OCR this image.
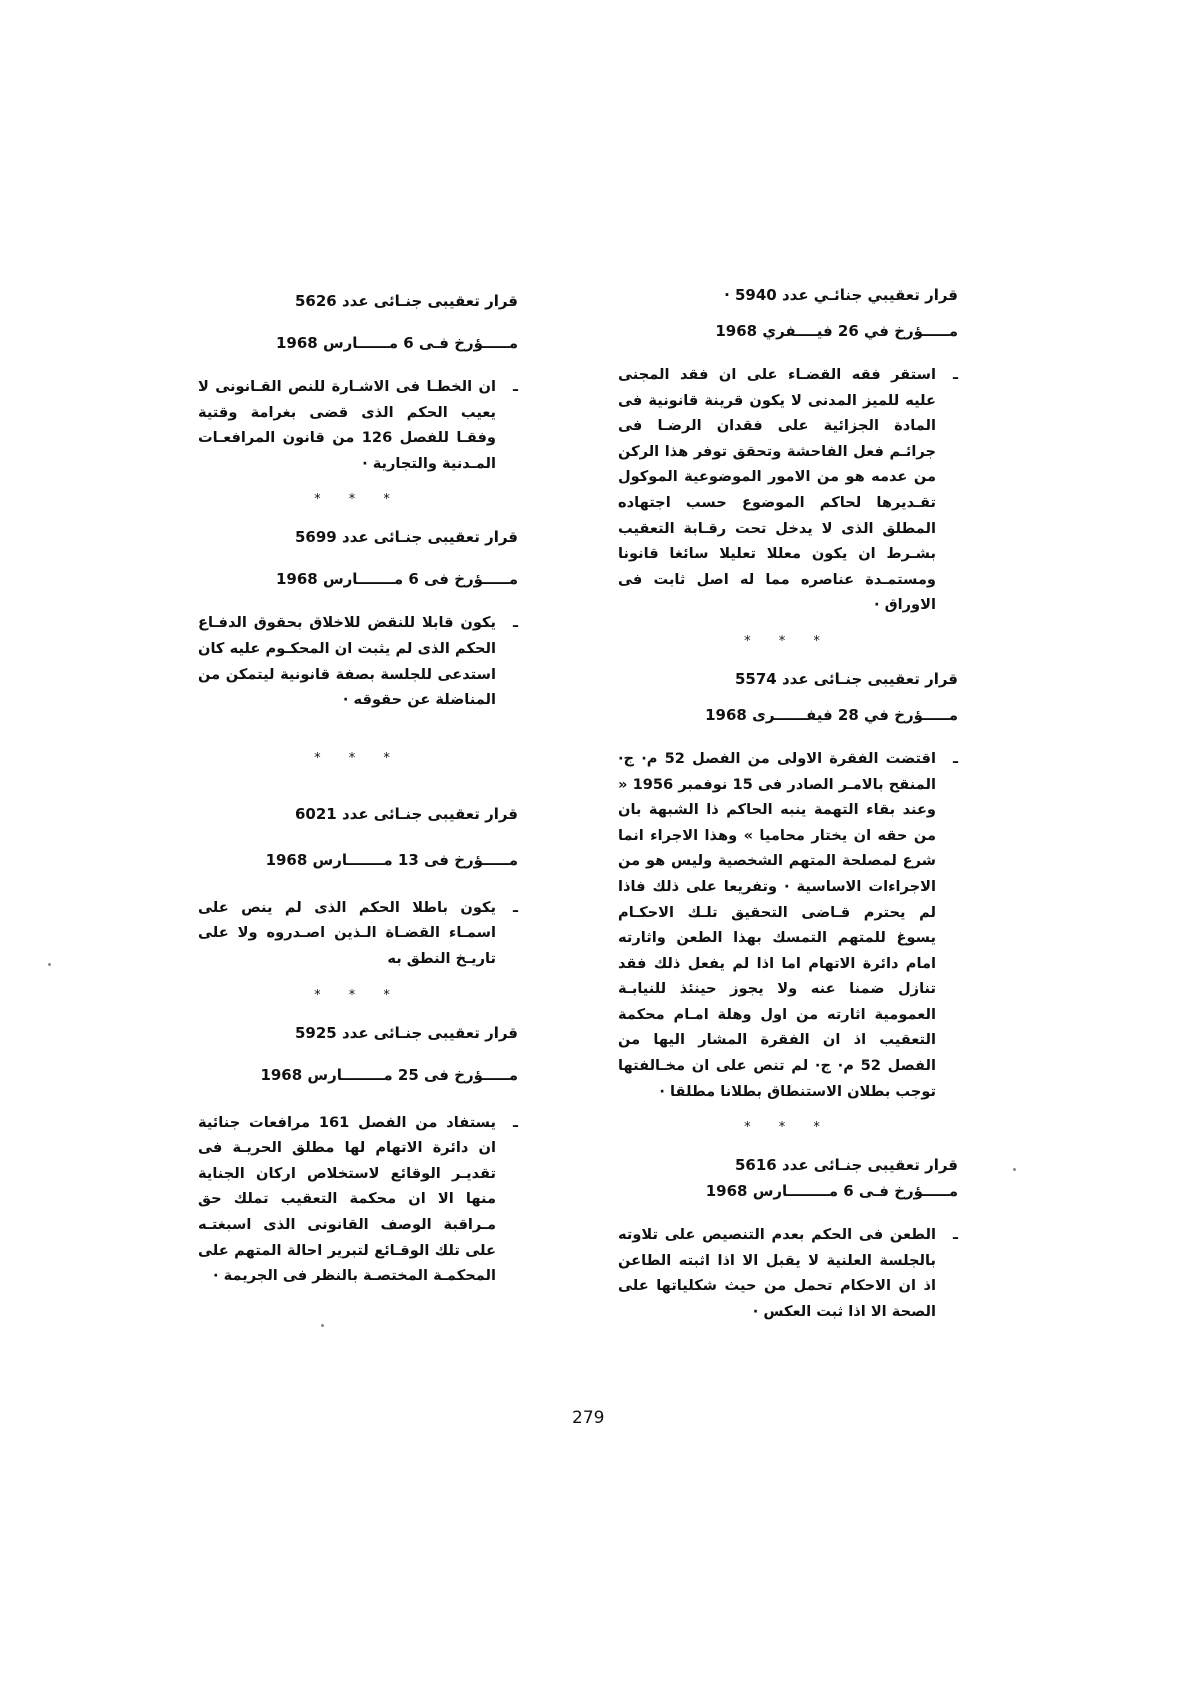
قرار تعقيبي جنائـي عدد 5940 ·
مـــــؤرخ في 26 فيــــفري 1968
ـ
استقر فقه القضـاء على ان فقد المجنى عليه للميز المدنى لا يكون قرينة قانونية فى المادة الجزائية على فقدان الرضـا فى جرائـم فعل الفاحشة وتحقق توفر هذا الركن من عدمه هو من الامور الموضوعية الموكول تقـديرها لحاكم الموضوع حسب اجتهاده المطلق الذى لا يدخل تحت رقـابة التعقيب بشـرط ان يكون معللا تعليلا سائغا قانونا ومستمـدة عناصره مما له اصل ثابت فى الاوراق ·
* * *
قرار تعقيبى جنـائى عدد 5574
مـــــؤرخ في 28 فيفــــــرى 1968
ـ
اقتضت الفقرة الاولى من الفصل 52 م· ج· المنقح بالامـر الصادر فى 15 نوفمبر 1956 « وعند بقاء التهمة ينبه الحاكم ذا الشبهة بان من حقه ان يختار محاميا » وهذا الاجراء انما شرع لمصلحة المتهم الشخصية وليس هو من الاجراءات الاساسية · وتفريعا على ذلك فاذا لم يحترم قـاضى التحقيق تلـك الاحكـام يسوغ للمتهم التمسك بهذا الطعن واثارته امام دائرة الاتهام اما اذا لم يفعل ذلك فقد تنازل ضمنا عنه ولا يجوز حينئذ للنيابـة العمومية اثارته من اول وهلة امـام محكمة التعقيب اذ ان الفقرة المشار اليها من الفصل 52 م· ج· لم تنص على ان مخـالفتها توجب بطلان الاستنطاق بطلانا مطلقا ·
* * *
قرار تعقيبى جنـائى عدد 5616
مـــــؤرخ فـى 6 مــــــــارس 1968
ـ
الطعن فى الحكم بعدم التنصيص على تلاوته بالجلسة العلنية لا يقبل الا اذا اثبته الطاعن اذ ان الاحكام تحمل من حيث شكلياتها على الصحة الا اذا ثبت العكس ·
قرار تعقيبى جنـائى عدد 5626
مـــــؤرخ فـى 6 مــــــارس 1968
ـ
ان الخطـا فى الاشـارة للنص القـانونى لا يعيب الحكم الذى قضى بغرامة وقتية وفقـا للفصل 126 من قانون المرافعـات المـدنية والتجارية ·
* * *
قرار تعقيبى جنـائى عدد 5699
مـــــؤرخ فى 6 مـــــــارس 1968
ـ
يكون قابلا للنقض للاخلاق بحقوق الدفـاع الحكم الذى لم يثبت ان المحكـوم عليه كان استدعى للجلسة بصفة قانونية ليتمكن من المناضلة عن حقوقه ·
* * *
قرار تعقيبى جنـائى عدد 6021
مـــــؤرخ فى 13 مـــــــارس 1968
ـ
يكون باطلا الحكم الذى لم ينص على اسمـاء القضـاة الـذين اصـدروه ولا على تاريـخ النطق به
* * *
قرار تعقيبى جنـائى عدد 5925
مـــــؤرخ فى 25 مــــــــارس 1968
ـ
يستفاد من الفصل 161 مرافعات جنائية ان دائرة الاتهام لها مطلق الحريـة فى تقديـر الوقائع لاستخلاص اركان الجناية منها الا ان محكمة التعقيب تملك حق مـراقبة الوصف القانونى الذى اسبغتـه على تلك الوقـائع لتبرير احالة المتهم على المحكمـة المختصـة بالنظر فى الجريمة ·
279
